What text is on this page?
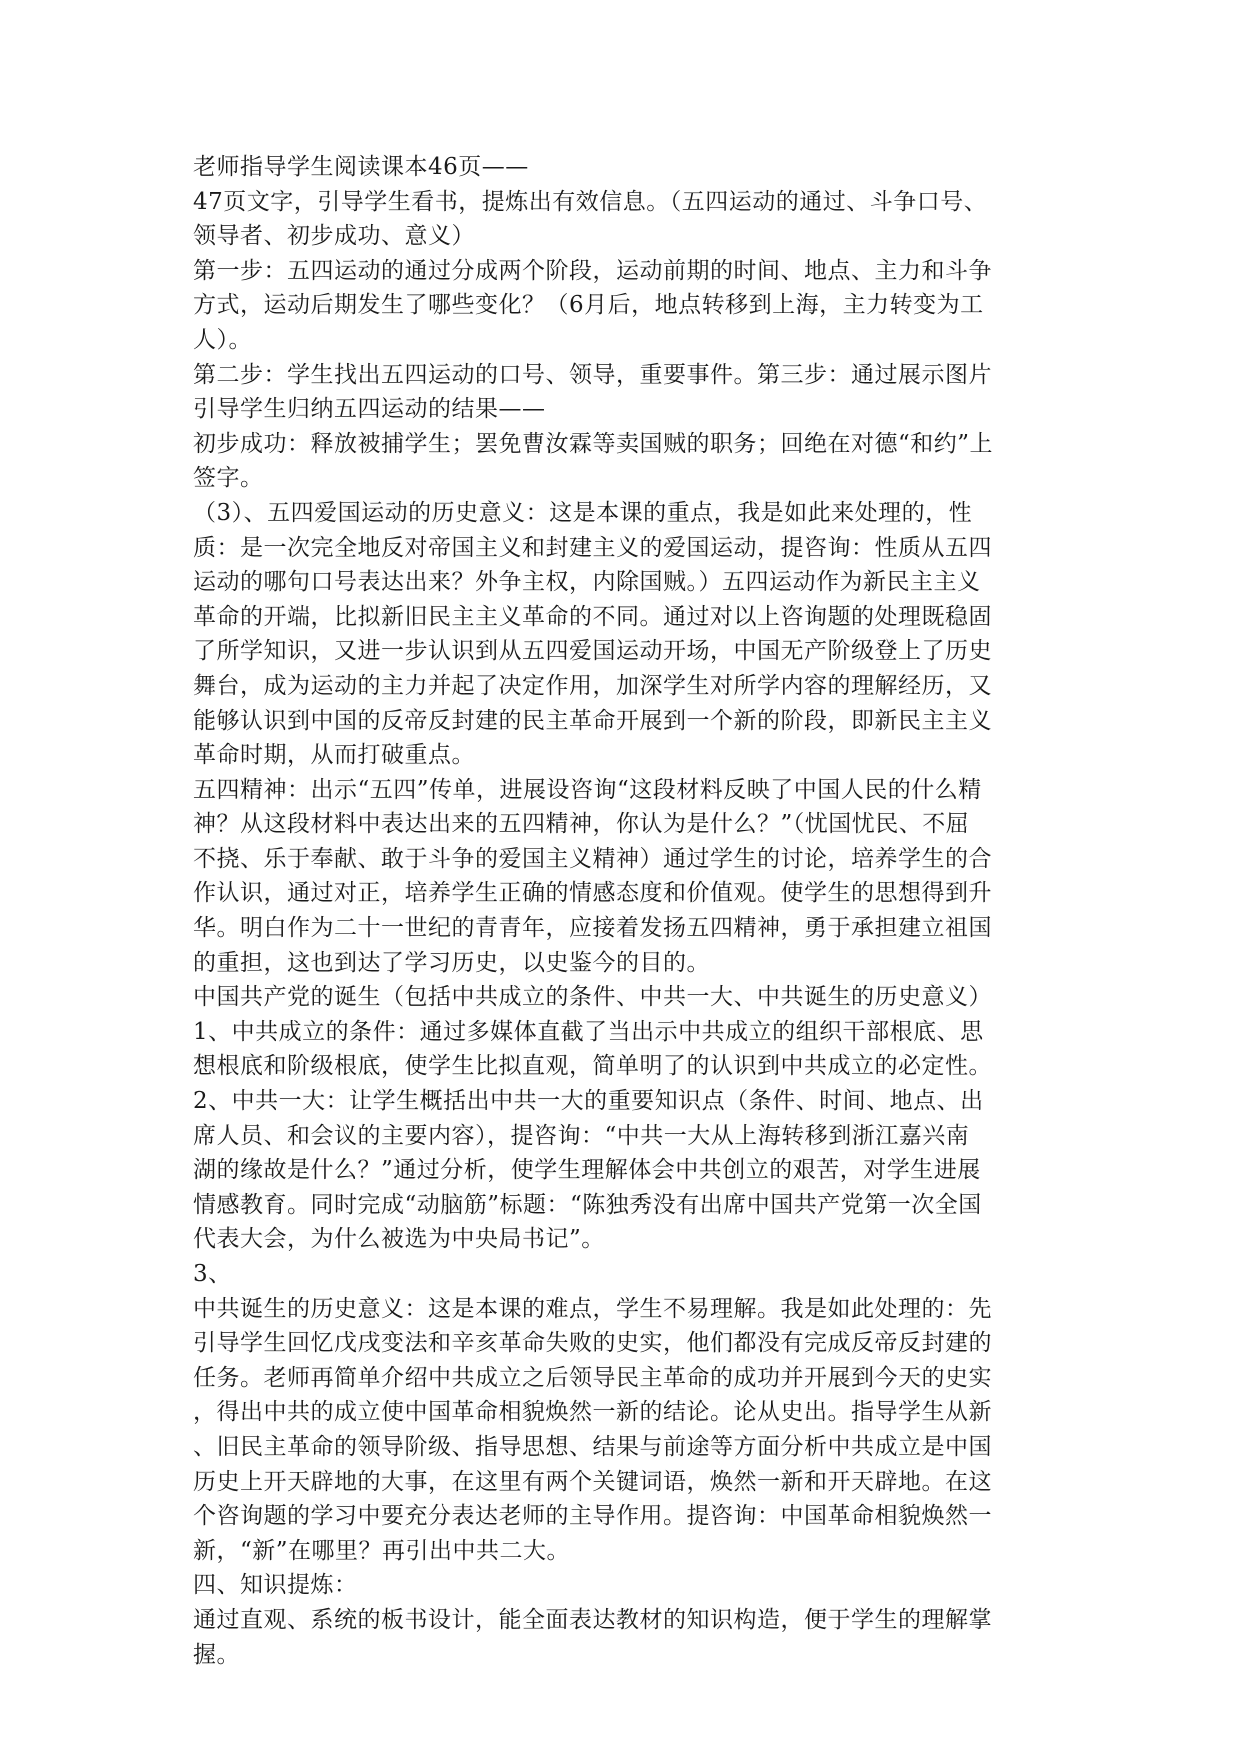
老师指导学生阅读课本46页——
47页文字，引导学生看书，提炼出有效信息。（五四运动的通过、斗争口号、
领导者、初步成功、意义）
第一步：五四运动的通过分成两个阶段，运动前期的时间、地点、主力和斗争
方式，运动后期发生了哪些变化？（6月后，地点转移到上海，主力转变为工
人）。
第二步：学生找出五四运动的口号、领导，重要事件。第三步：通过展示图片
引导学生归纳五四运动的结果——
初步成功：释放被捕学生；罢免曹汝霖等卖国贼的职务；回绝在对德“和约”上
签字。
（3）、五四爱国运动的历史意义：这是本课的重点，我是如此来处理的，性
质：是一次完全地反对帝国主义和封建主义的爱国运动，提咨询：性质从五四
运动的哪句口号表达出来？外争主权，内除国贼。）五四运动作为新民主主义
革命的开端，比拟新旧民主主义革命的不同。通过对以上咨询题的处理既稳固
了所学知识，又进一步认识到从五四爱国运动开场，中国无产阶级登上了历史
舞台，成为运动的主力并起了决定作用，加深学生对所学内容的理解经历，又
能够认识到中国的反帝反封建的民主革命开展到一个新的阶段，即新民主主义
革命时期，从而打破重点。
五四精神：出示“五四”传单，进展设咨询“这段材料反映了中国人民的什么精
神？从这段材料中表达出来的五四精神，你认为是什么？”（忧国忧民、不屈
不挠、乐于奉献、敢于斗争的爱国主义精神）通过学生的讨论，培养学生的合
作认识，通过对正，培养学生正确的情感态度和价值观。使学生的思想得到升
华。明白作为二十一世纪的青青年，应接着发扬五四精神，勇于承担建立祖国
的重担，这也到达了学习历史，以史鉴今的目的。
中国共产党的诞生（包括中共成立的条件、中共一大、中共诞生的历史意义）
1、中共成立的条件：通过多媒体直截了当出示中共成立的组织干部根底、思
想根底和阶级根底，使学生比拟直观，简单明了的认识到中共成立的必定性。
2、中共一大：让学生概括出中共一大的重要知识点（条件、时间、地点、出
席人员、和会议的主要内容），提咨询：“中共一大从上海转移到浙江嘉兴南
湖的缘故是什么？”通过分析，使学生理解体会中共创立的艰苦，对学生进展
情感教育。同时完成“动脑筋”标题：“陈独秀没有出席中国共产党第一次全国
代表大会，为什么被选为中央局书记”。
3、
中共诞生的历史意义：这是本课的难点，学生不易理解。我是如此处理的：先
引导学生回忆戊戌变法和辛亥革命失败的史实，他们都没有完成反帝反封建的
任务。老师再简单介绍中共成立之后领导民主革命的成功并开展到今天的史实
，得出中共的成立使中国革命相貌焕然一新的结论。论从史出。指导学生从新
、旧民主革命的领导阶级、指导思想、结果与前途等方面分析中共成立是中国
历史上开天辟地的大事，在这里有两个关键词语，焕然一新和开天辟地。在这
个咨询题的学习中要充分表达老师的主导作用。提咨询：中国革命相貌焕然一
新，“新”在哪里？再引出中共二大。
四、知识提炼：
通过直观、系统的板书设计，能全面表达教材的知识构造，便于学生的理解掌
握。
